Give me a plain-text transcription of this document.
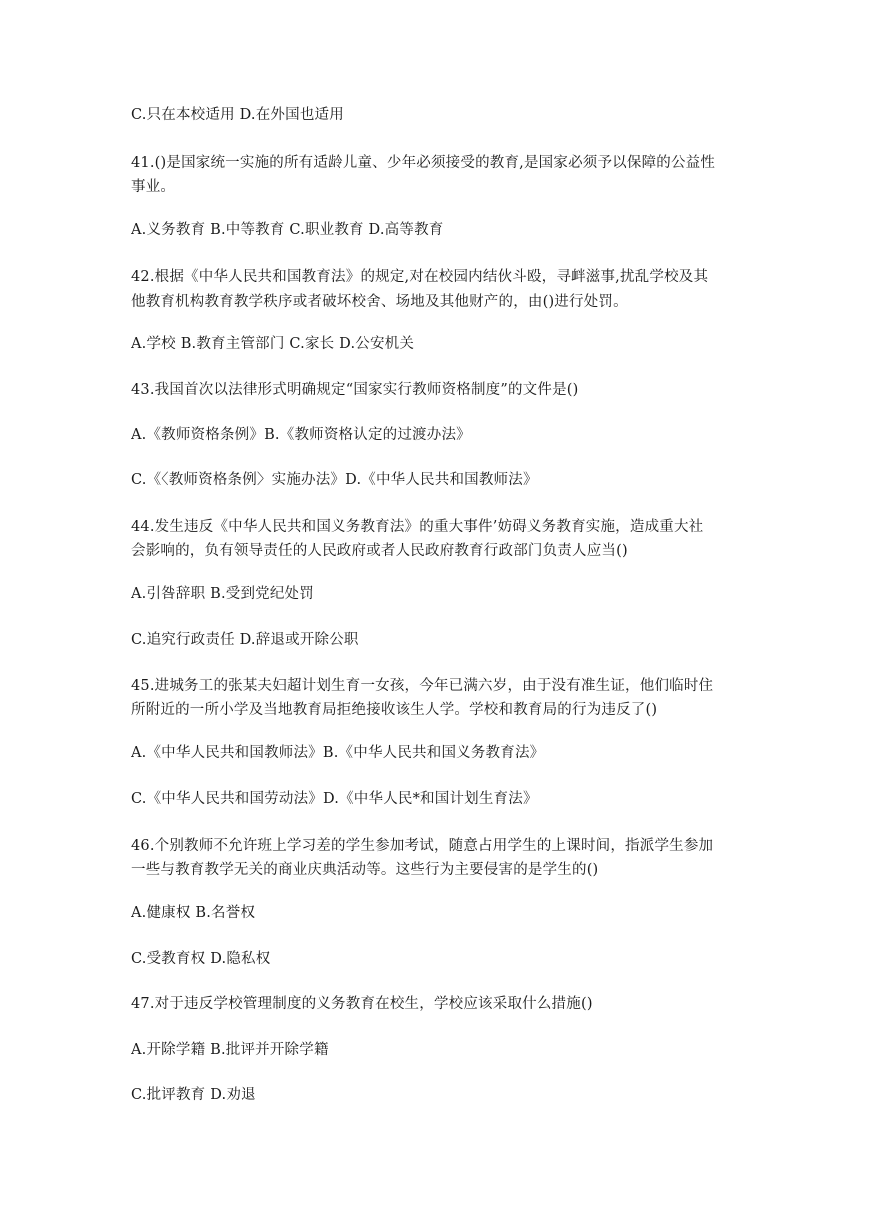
C.只在本校适用 D.在外国也适用
41.()是国家统一实施的所有适龄儿童、少年必须接受的教育,是国家必须予以保障的公益性
事业。
A.义务教育 B.中等教育 C.职业教育 D.高等教育
42.根据《中华人民共和国教育法》的规定,对在校园内结伙斗殴，寻衅滋事,扰乱学校及其
他教育机构教育教学秩序或者破坏校舍、场地及其他财产的，由()进行处罚。
A.学校 B.教育主管部门 C.家长 D.公安机关
43.我国首次以法律形式明确规定“国家实行教师资格制度”的文件是()
A.《教师资格条例》B.《教师资格认定的过渡办法》
C.《〈教师资格条例〉实施办法》D.《中华人民共和国教师法》
44.发生违反《中华人民共和国义务教育法》的重大事件’妨碍义务教育实施，造成重大社
会影响的，负有领导责任的人民政府或者人民政府教育行政部门负责人应当()
A.引咎辞职 B.受到党纪处罚
C.追究行政责任 D.辞退或开除公职
45.进城务工的张某夫妇超计划生育一女孩，今年已满六岁，由于没有准生证，他们临时住
所附近的一所小学及当地教育局拒绝接收该生人学。学校和教育局的行为违反了()
A.《中华人民共和国教师法》B.《中华人民共和国义务教育法》
C.《中华人民共和国劳动法》D.《中华人民*和国计划生育法》
46.个别教师不允许班上学习差的学生参加考试，随意占用学生的上课时间，指派学生参加
一些与教育教学无关的商业庆典活动等。这些行为主要侵害的是学生的()
A.健康权 B.名誉权
C.受教育权 D.隐私权
47.对于违反学校管理制度的义务教育在校生，学校应该采取什么措施()
A.开除学籍 B.批评并开除学籍
C.批评教育 D.劝退
